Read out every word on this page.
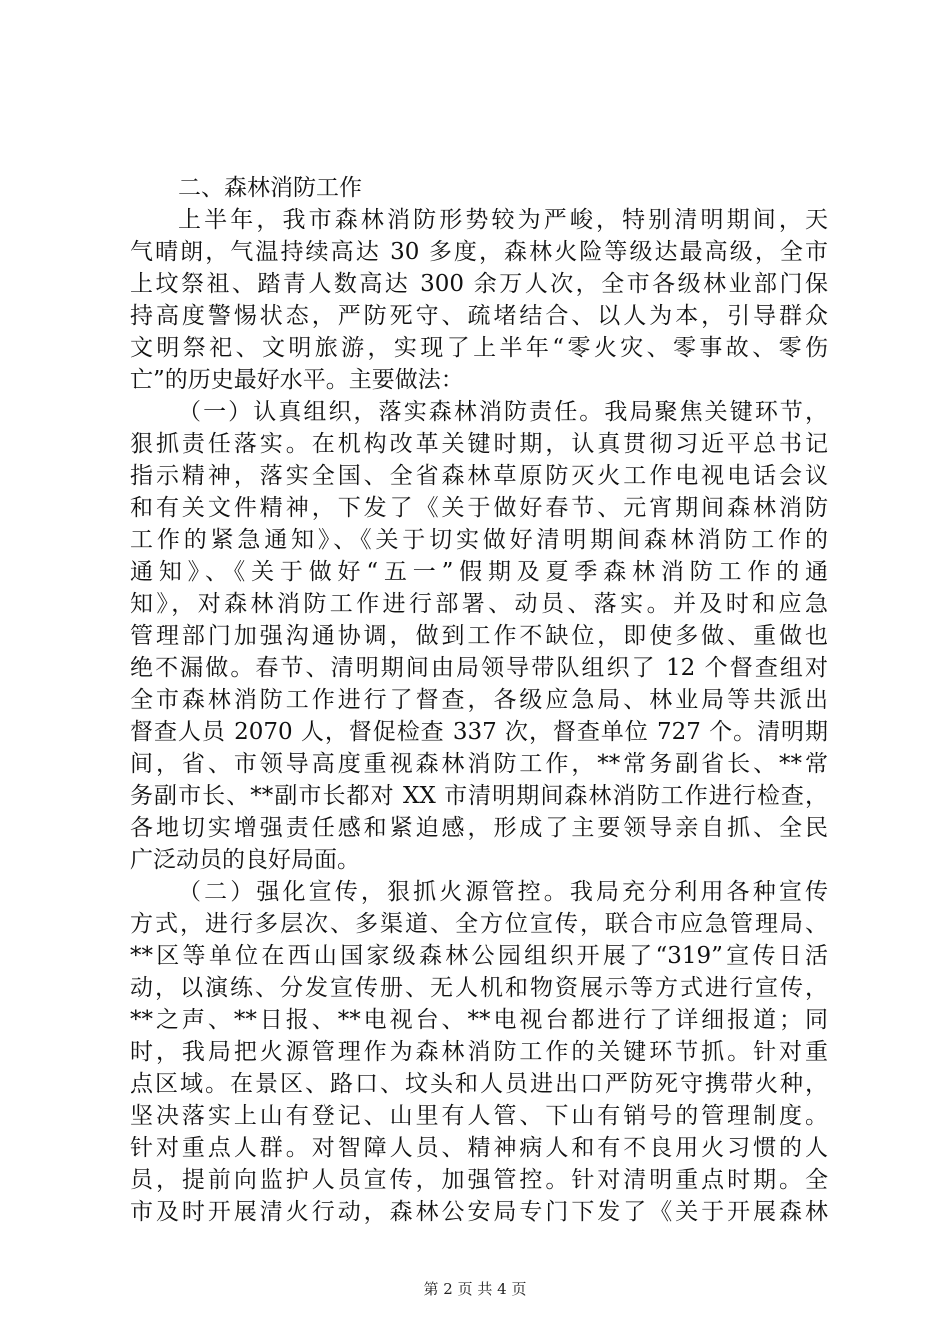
二、森林消防工作
上半年，我市森林消防形势较为严峻，特别清明期间，天
气晴朗，气温持续高达 30 多度，森林火险等级达最高级，全市
上坟祭祖、踏青人数高达 300 余万人次，全市各级林业部门保
持高度警惕状态，严防死守、疏堵结合、以人为本，引导群众
文明祭祀、文明旅游，实现了上半年“零火灾、零事故、零伤
亡”的历史最好水平。主要做法：
（一）认真组织，落实森林消防责任。我局聚焦关键环节，
狠抓责任落实。在机构改革关键时期，认真贯彻习近平总书记
指示精神，落实全国、全省森林草原防灭火工作电视电话会议
和有关文件精神，下发了《关于做好春节、元宵期间森林消防
工作的紧急通知》、《关于切实做好清明期间森林消防工作的
通知》、《关于做好“五一”假期及夏季森林消防工作的通
知》，对森林消防工作进行部署、动员、落实。并及时和应急
管理部门加强沟通协调，做到工作不缺位，即使多做、重做也
绝不漏做。春节、清明期间由局领导带队组织了 12 个督查组对
全市森林消防工作进行了督查，各级应急局、林业局等共派出
督查人员 2070 人，督促检查 337 次，督查单位 727 个。清明期
间，省、市领导高度重视森林消防工作，**常务副省长、**常
务副市长、**副市长都对 XX 市清明期间森林消防工作进行检查，
各地切实增强责任感和紧迫感，形成了主要领导亲自抓、全民
广泛动员的良好局面。
（二）强化宣传，狠抓火源管控。我局充分利用各种宣传
方式，进行多层次、多渠道、全方位宣传，联合市应急管理局、
**区等单位在西山国家级森林公园组织开展了“319”宣传日活
动，以演练、分发宣传册、无人机和物资展示等方式进行宣传，
**之声、**日报、**电视台、**电视台都进行了详细报道；同
时，我局把火源管理作为森林消防工作的关键环节抓。针对重
点区域。在景区、路口、坟头和人员进出口严防死守携带火种，
坚决落实上山有登记、山里有人管、下山有销号的管理制度。
针对重点人群。对智障人员、精神病人和有不良用火习惯的人
员，提前向监护人员宣传，加强管控。针对清明重点时期。全
市及时开展清火行动，森林公安局专门下发了《关于开展森林
第 2 页 共 4 页
